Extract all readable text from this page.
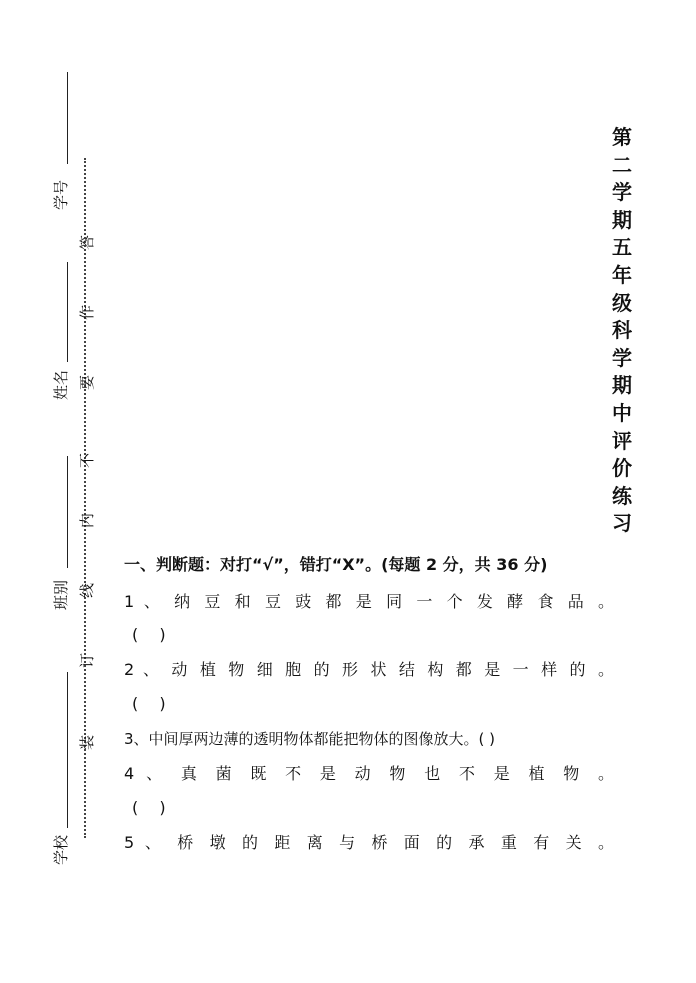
学号
姓名
班别
学校
答
作
要
不
内
线
订
装
第
二
学
期
五
年
级
科
学
期
中
评
价
练
习
一、判断题：对打“√”，错打“X”。(每题 2 分，共 36 分)
1 、 纳 豆 和 豆 豉 都 是 同 一 个 发 酵 食 品 。
( )
2 、 动 植 物 细 胞 的 形 状 结 构 都 是 一 样 的 。
( )
3、中间厚两边薄的透明物体都能把物体的图像放大。( )
4 、 真 菌 既 不 是 动 物 也 不 是 植 物 。
( )
5 、 桥 墩 的 距 离 与 桥 面 的 承 重 有 关 。
